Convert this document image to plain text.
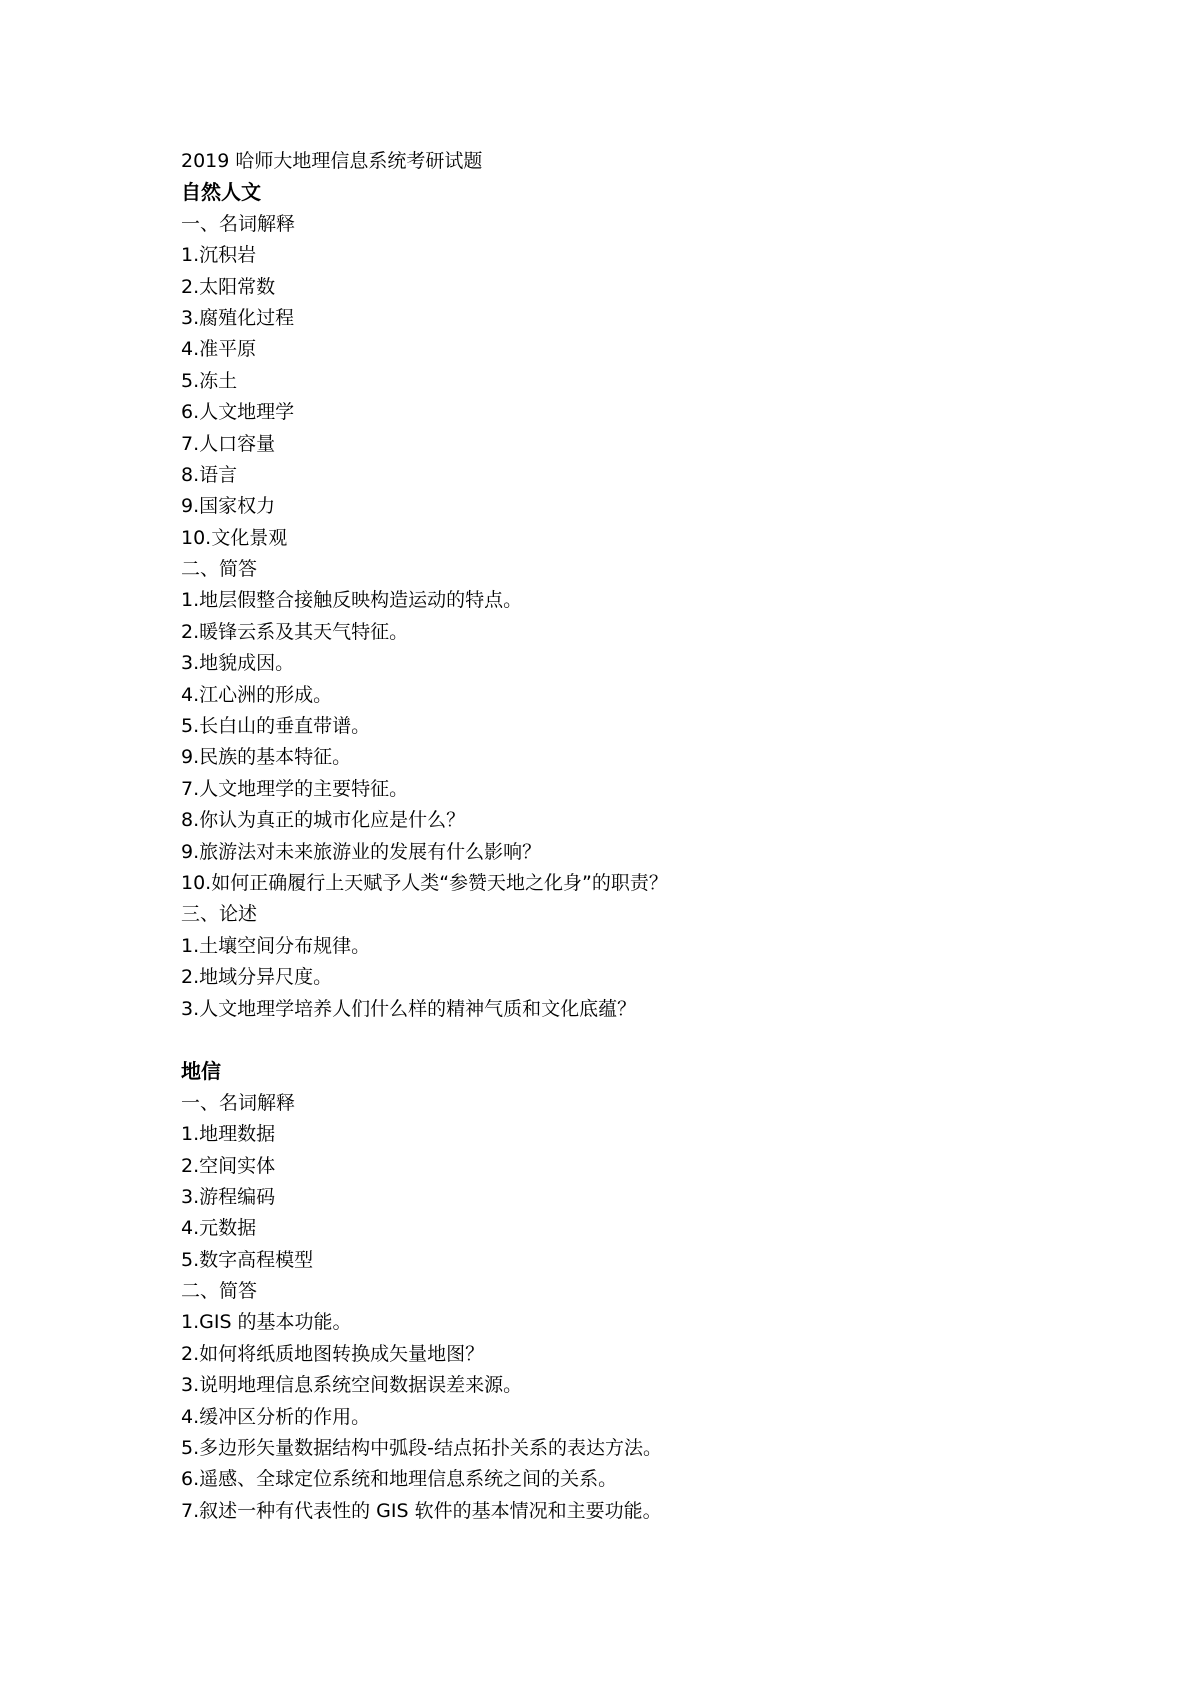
2019 哈师大地理信息系统考研试题
自然人文
一、名词解释
1.沉积岩
2.太阳常数
3.腐殖化过程
4.准平原
5.冻土
6.人文地理学
7.人口容量
8.语言
9.国家权力
10.文化景观
二、简答
1.地层假整合接触反映构造运动的特点。
2.暖锋云系及其天气特征。
3.地貌成因。
4.江心洲的形成。
5.长白山的垂直带谱。
9.民族的基本特征。
7.人文地理学的主要特征。
8.你认为真正的城市化应是什么？
9.旅游法对未来旅游业的发展有什么影响？
10.如何正确履行上天赋予人类“参赞天地之化身”的职责？
三、论述
1.土壤空间分布规律。
2.地域分异尺度。
3.人文地理学培养人们什么样的精神气质和文化底蕴？
地信
一、名词解释
1.地理数据
2.空间实体
3.游程编码
4.元数据
5.数字高程模型
二、简答
1.GIS 的基本功能。
2.如何将纸质地图转换成矢量地图？
3.说明地理信息系统空间数据误差来源。
4.缓冲区分析的作用。
5.多边形矢量数据结构中弧段-结点拓扑关系的表达方法。
6.遥感、全球定位系统和地理信息系统之间的关系。
7.叙述一种有代表性的 GIS 软件的基本情况和主要功能。
